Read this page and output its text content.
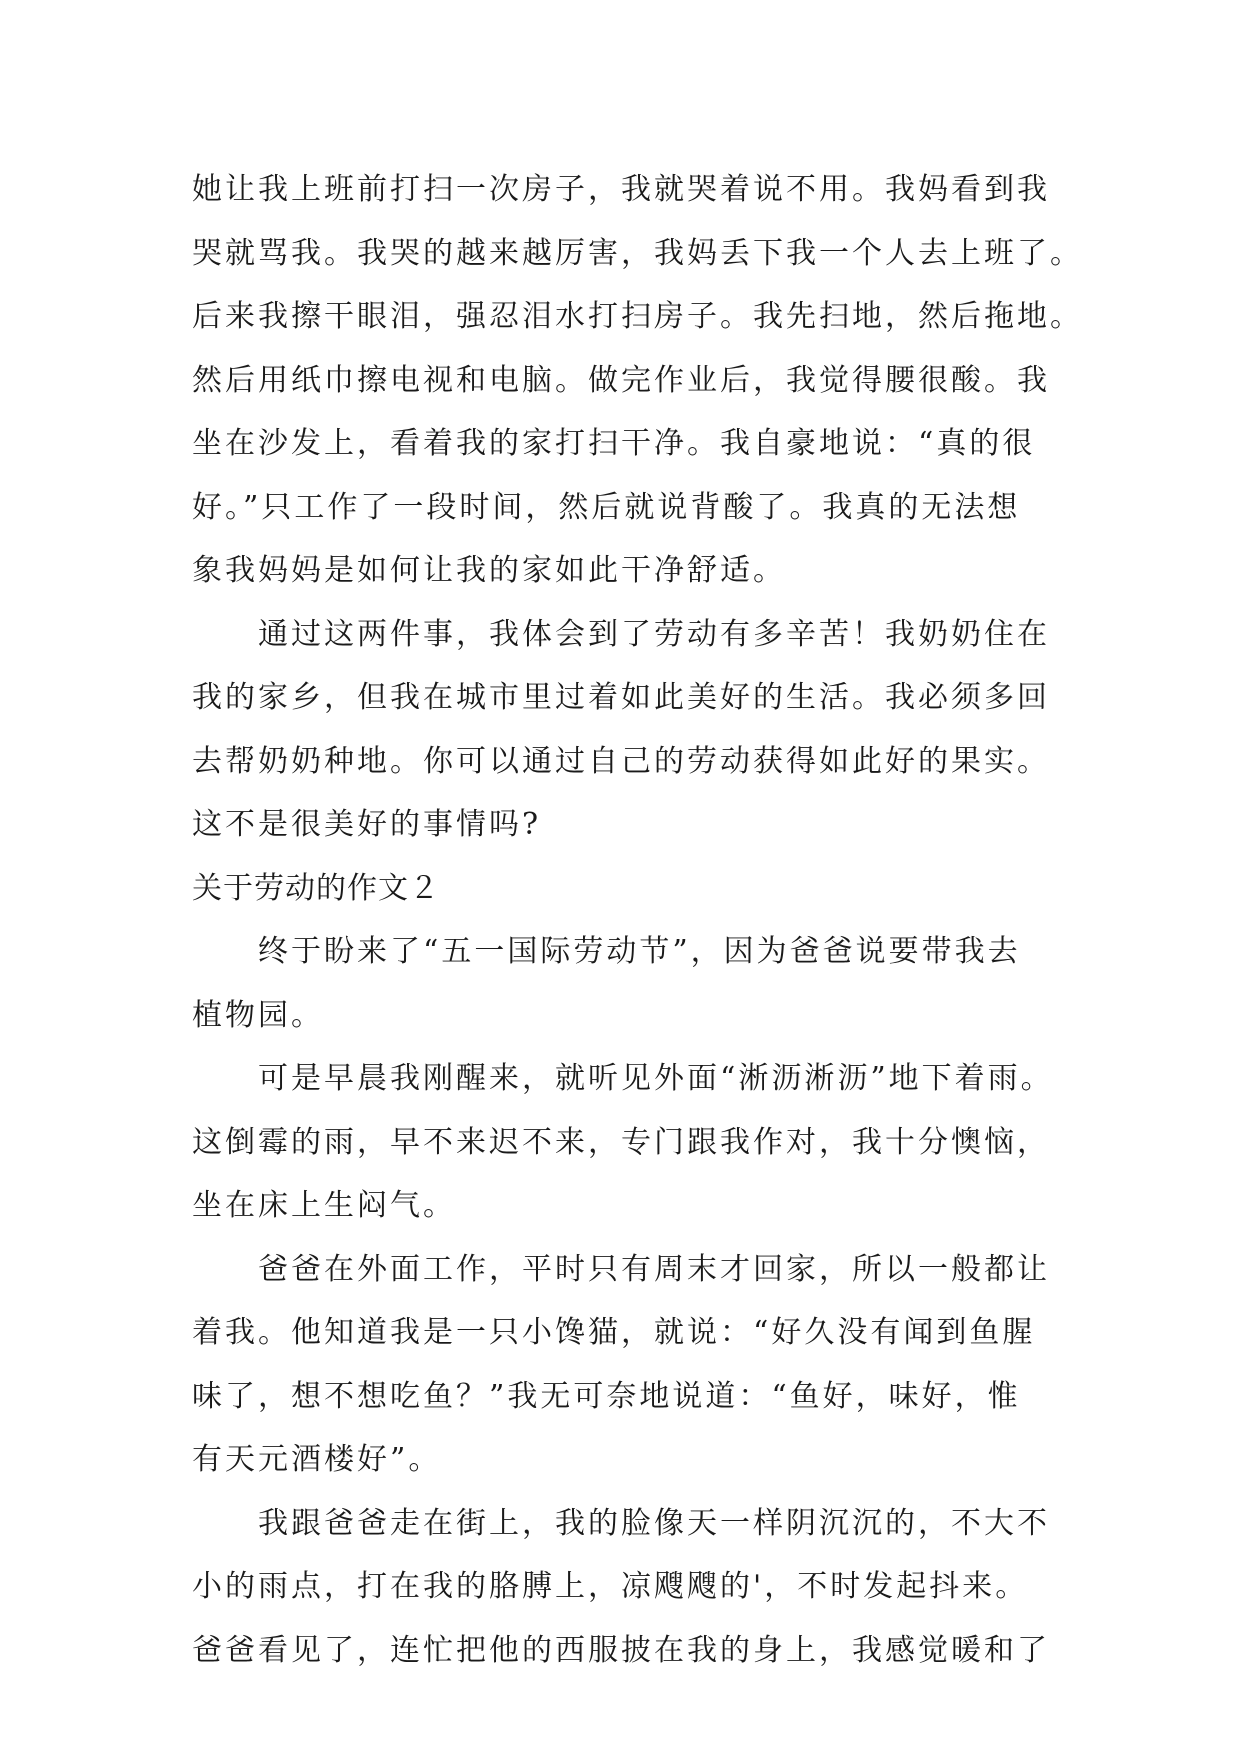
她让我上班前打扫一次房子，我就哭着说不用。我妈看到我
哭就骂我。我哭的越来越厉害，我妈丢下我一个人去上班了。
后来我擦干眼泪，强忍泪水打扫房子。我先扫地，然后拖地。
然后用纸巾擦电视和电脑。做完作业后，我觉得腰很酸。我
坐在沙发上，看着我的家打扫干净。我自豪地说：“真的很
好。”只工作了一段时间，然后就说背酸了。我真的无法想
象我妈妈是如何让我的家如此干净舒适。
通过这两件事，我体会到了劳动有多辛苦！我奶奶住在
我的家乡，但我在城市里过着如此美好的生活。我必须多回
去帮奶奶种地。你可以通过自己的劳动获得如此好的果实。
这不是很美好的事情吗?
关于劳动的作文２
终于盼来了“五一国际劳动节”，因为爸爸说要带我去
植物园。
可是早晨我刚醒来，就听见外面“淅沥淅沥”地下着雨。
这倒霉的雨，早不来迟不来，专门跟我作对，我十分懊恼，
坐在床上生闷气。
爸爸在外面工作，平时只有周末才回家，所以一般都让
着我。他知道我是一只小馋猫，就说：“好久没有闻到鱼腥
味了，想不想吃鱼？”我无可奈地说道：“鱼好，味好，惟
有天元酒楼好”。
我跟爸爸走在街上，我的脸像天一样阴沉沉的，不大不
小的雨点，打在我的胳膊上，凉飕飕的'，不时发起抖来。
爸爸看见了，连忙把他的西服披在我的身上，我感觉暖和了
